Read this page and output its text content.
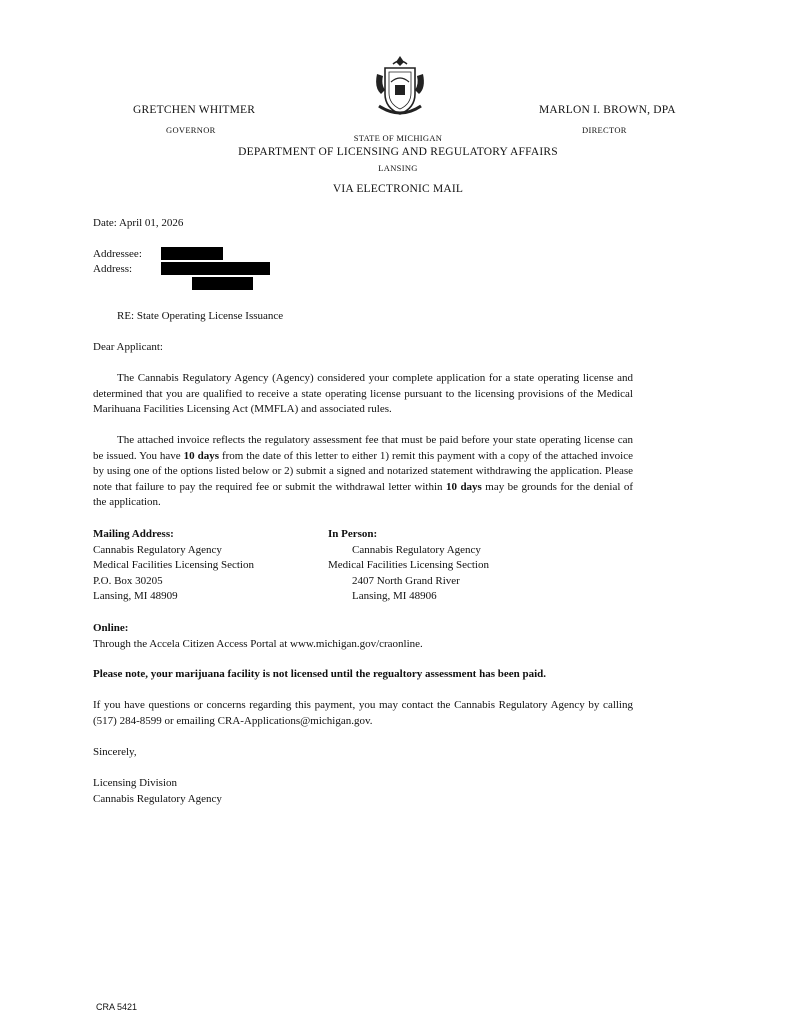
GRETCHEN WHITMER
GOVERNOR
MARLON I. BROWN, DPA
DIRECTOR
STATE OF MICHIGAN
DEPARTMENT OF LICENSING AND REGULATORY AFFAIRS
LANSING
VIA ELECTRONIC MAIL
Date: April 01, 2026
Addressee:
Address:
RE: State Operating License Issuance
Dear Applicant:

The Cannabis Regulatory Agency (Agency) considered your complete application for a state operating license and determined that you are qualified to receive a state operating license pursuant to the licensing provisions of the Medical Marihuana Facilities Licensing Act (MMFLA) and associated rules.

The attached invoice reflects the regulatory assessment fee that must be paid before your state operating license can be issued. You have 10 days from the date of this letter to either 1) remit this payment with a copy of the attached invoice by using one of the options listed below or 2) submit a signed and notarized statement withdrawing the application. Please note that failure to pay the required fee or submit the withdrawal letter within 10 days may be grounds for the denial of the application.

Mailing Address:
Cannabis Regulatory Agency
Medical Facilities Licensing Section
P.O. Box 30205
Lansing, MI 48909
In Person:
Cannabis Regulatory Agency
Medical Facilities Licensing Section
2407 North Grand River
Lansing, MI 48906
Online:
Through the Accela Citizen Access Portal at www.michigan.gov/craonline.
Please note, your marijuana facility is not licensed until the regualtory assessment has been paid.

If you have questions or concerns regarding this payment, you may contact the Cannabis Regulatory Agency by calling (517) 284-8599 or emailing CRA-Applications@michigan.gov.

Sincerely,
Licensing Division
Cannabis Regulatory Agency
CRA 5421
